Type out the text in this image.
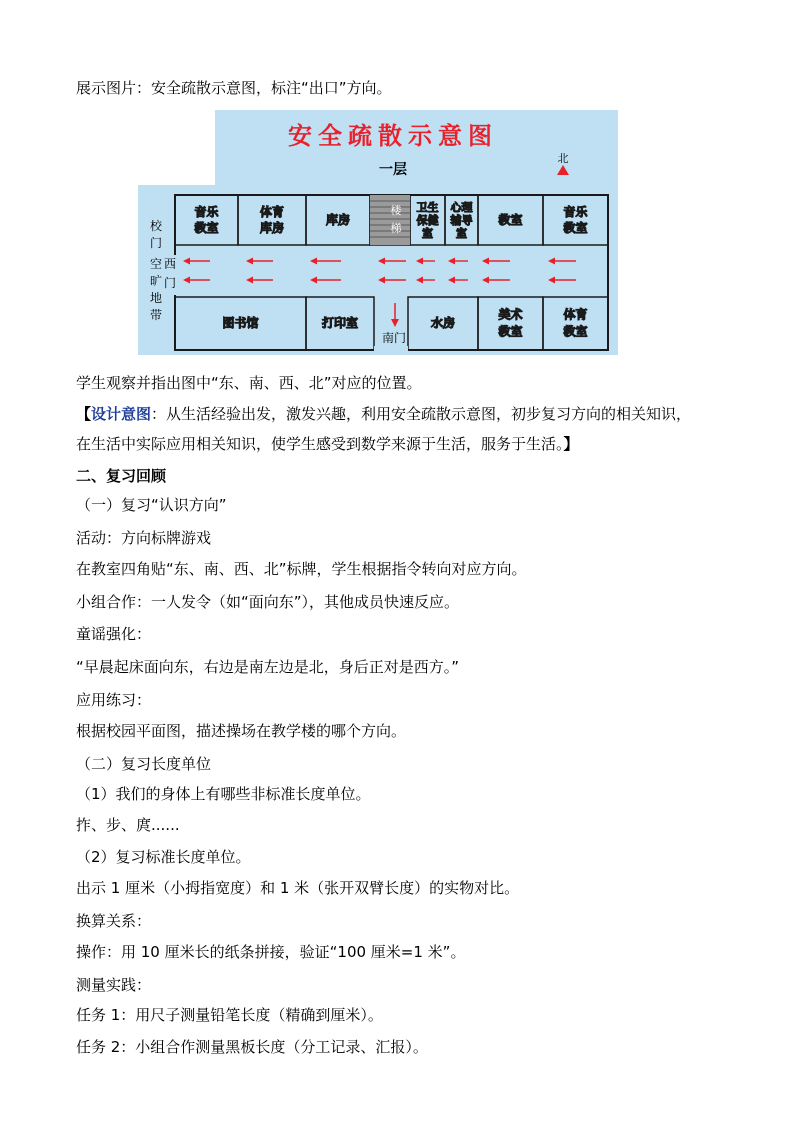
展示图片：安全疏散示意图，标注“出口”方向。
安全疏散示意图
一层
北
音乐
教室
体育
库房
库房
卫生
保健
室
心理
辅导
室
教室
音乐
教室
楼
梯
校
门
空
旷
地
带
西
门
图书馆	打印室	水房
美术
教室
体育
教室
南门
学生观察并指出图中“东、南、西、北”对应的位置。
【设计意图：从生活经验出发，激发兴趣，利用安全疏散示意图，初步复习方向的相关知识，
在生活中实际应用相关知识，使学生感受到数学来源于生活，服务于生活。】
二、复习回顾
（一）复习“认识方向”
活动：方向标牌游戏
在教室四角贴“东、南、西、北”标牌，学生根据指令转向对应方向。
小组合作：一人发令（如“面向东”），其他成员快速反应。
童谣强化：
“早晨起床面向东，右边是南左边是北，身后正对是西方。”
应用练习：
根据校园平面图，描述操场在教学楼的哪个方向。
（二）复习长度单位
（1）我们的身体上有哪些非标准长度单位。
拃、步、庹......
（2）复习标准长度单位。
出示 1 厘米（小拇指宽度）和 1 米（张开双臂长度）的实物对比。
换算关系：
操作：用 10 厘米长的纸条拼接，验证“100 厘米=1 米”。
测量实践：
任务 1：用尺子测量铅笔长度（精确到厘米）。
任务 2：小组合作测量黑板长度（分工记录、汇报）。
